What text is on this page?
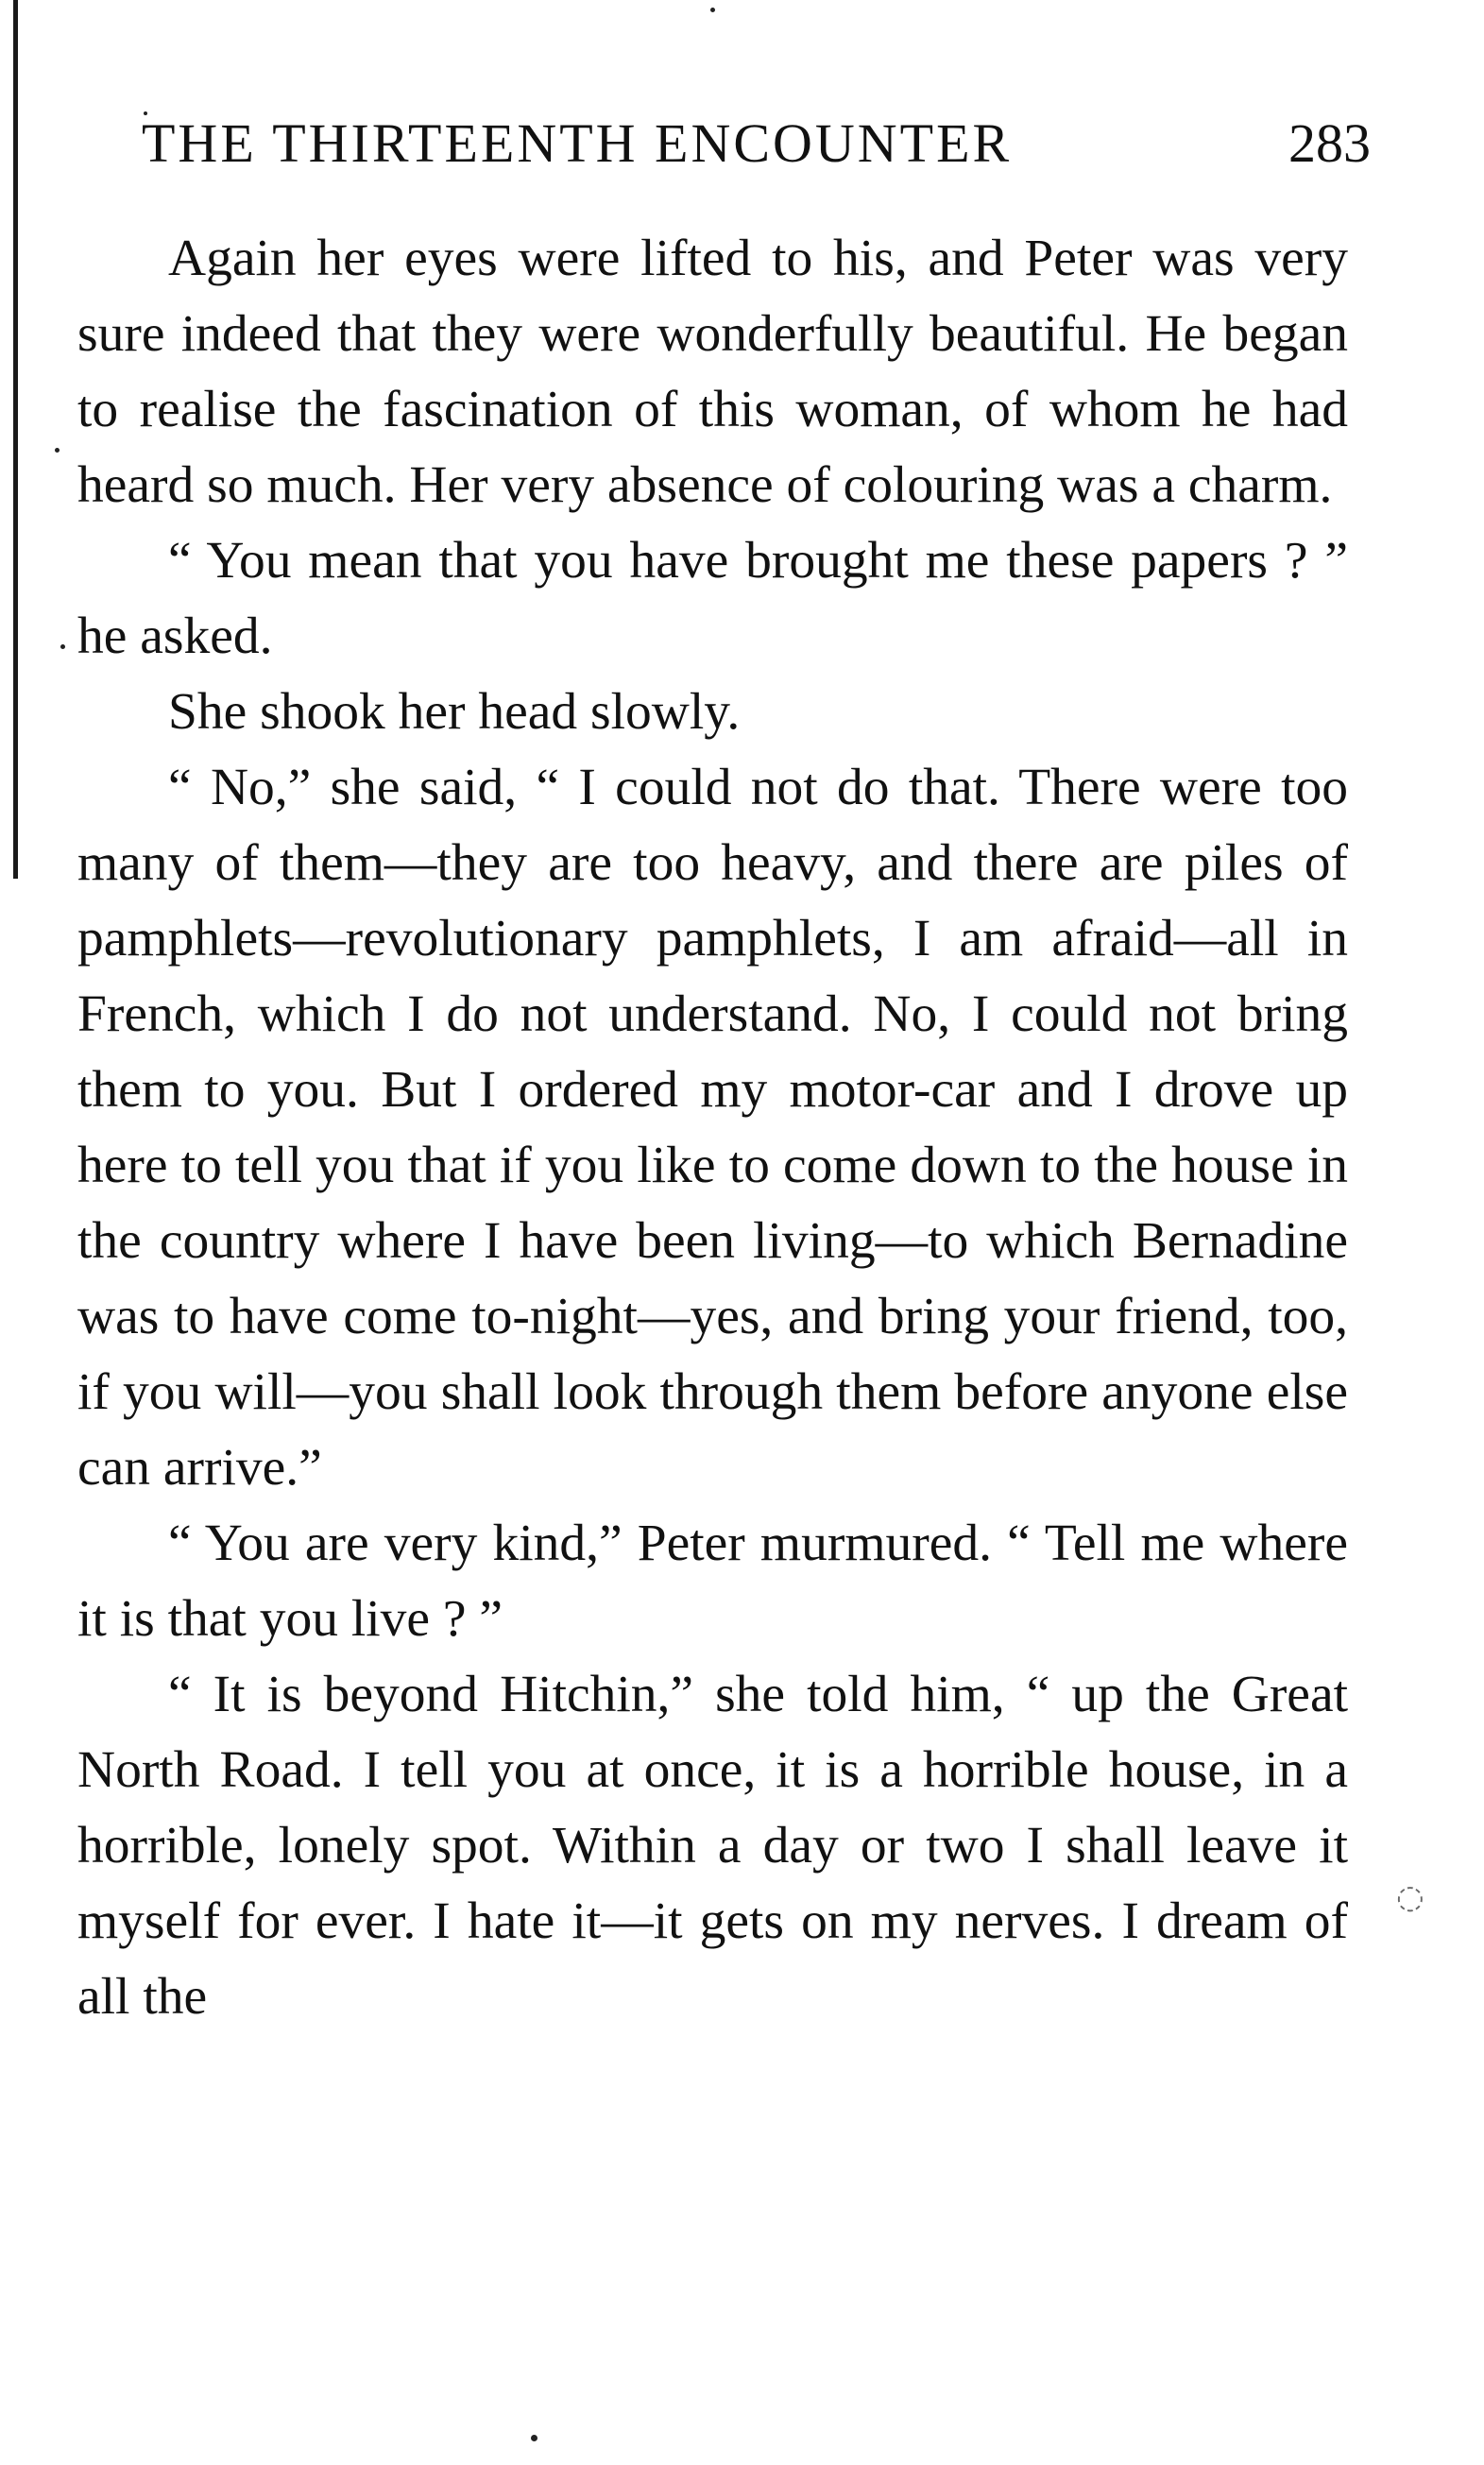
THE THIRTEENTH ENCOUNTER	283

Again her eyes were lifted to his, and Peter was very sure indeed that they were wonderfully beautiful. He began to realise the fascination of this woman, of whom he had heard so much. Her very absence of colouring was a charm.

“ You mean that you have brought me these papers ? ” he asked.

She shook her head slowly.

“ No,” she said, “ I could not do that. There were too many of them—they are too heavy, and there are piles of pamphlets—revolutionary pamphlets, I am afraid—all in French, which I do not understand. No, I could not bring them to you. But I ordered my motor-car and I drove up here to tell you that if you like to come down to the house in the country where I have been living—to which Bernadine was to have come to-night—yes, and bring your friend, too, if you will—you shall look through them before anyone else can arrive.”

“ You are very kind,” Peter murmured. “ Tell me where it is that you live ? ”

“ It is beyond Hitchin,” she told him, “ up the Great North Road. I tell you at once, it is a horrible house, in a horrible, lonely spot. Within a day or two I shall leave it myself for ever. I hate it—it gets on my nerves. I dream of all the

◌
